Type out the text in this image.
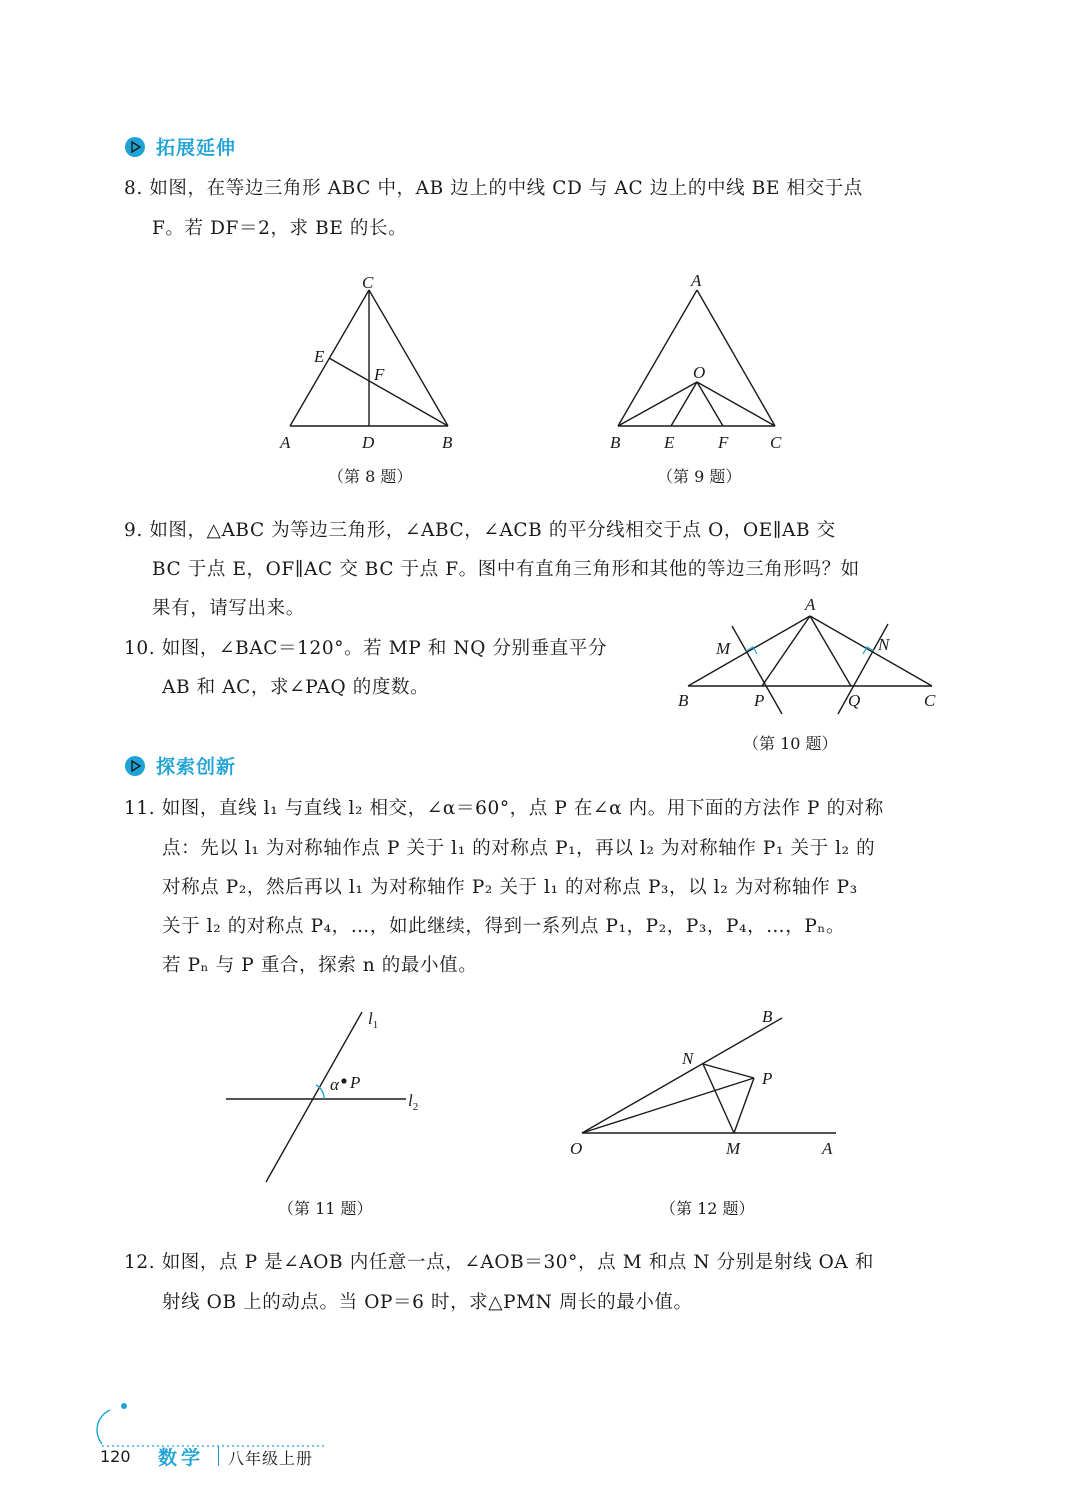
拓展延伸
8. 如图，在等边三角形 ABC 中，AB 边上的中线 CD 与 AC 边上的中线 BE 相交于点
F。若 DF＝2，求 BE 的长。
C
E
F
A	D	B
（第 8 题）
A
O
B	E	F C
（第 9 题）
9. 如图，△ABC 为等边三角形，∠ABC，∠ACB 的平分线相交于点 O，OE∥AB 交
BC 于点 E，OF∥AC 交 BC 于点 F。图中有直角三角形和其他的等边三角形吗？如
果有，请写出来。
10. 如图，∠BAC＝120°。若 MP 和 NQ 分别垂直平分
AB 和 AC，求∠PAQ 的度数。
A
M	N
B	P	Q	C
（第 10 题）
探索创新
11. 如图，直线 l₁ 与直线 l₂ 相交，∠α＝60°，点 P 在∠α 内。用下面的方法作 P 的对称
点：先以 l₁ 为对称轴作点 P 关于 l₁ 的对称点 P₁，再以 l₂ 为对称轴作 P₁ 关于 l₂ 的
对称点 P₂，然后再以 l₁ 为对称轴作 P₂ 关于 l₁ 的对称点 P₃，以 l₂ 为对称轴作 P₃
关于 l₂ 的对称点 P₄，…，如此继续，得到一系列点 P₁，P₂，P₃，P₄，…，Pₙ。
若 Pₙ 与 P 重合，探索 n 的最小值。
$l_1$
$l_2$
α P
（第 11 题）
B
N
P
O	M	A
（第 12 题）
12. 如图，点 P 是∠AOB 内任意一点，∠AOB＝30°，点 M 和点 N 分别是射线 OA 和
射线 OB 上的动点。当 OP＝6 时，求△PMN 周长的最小值。
120 数学 八年级上册
